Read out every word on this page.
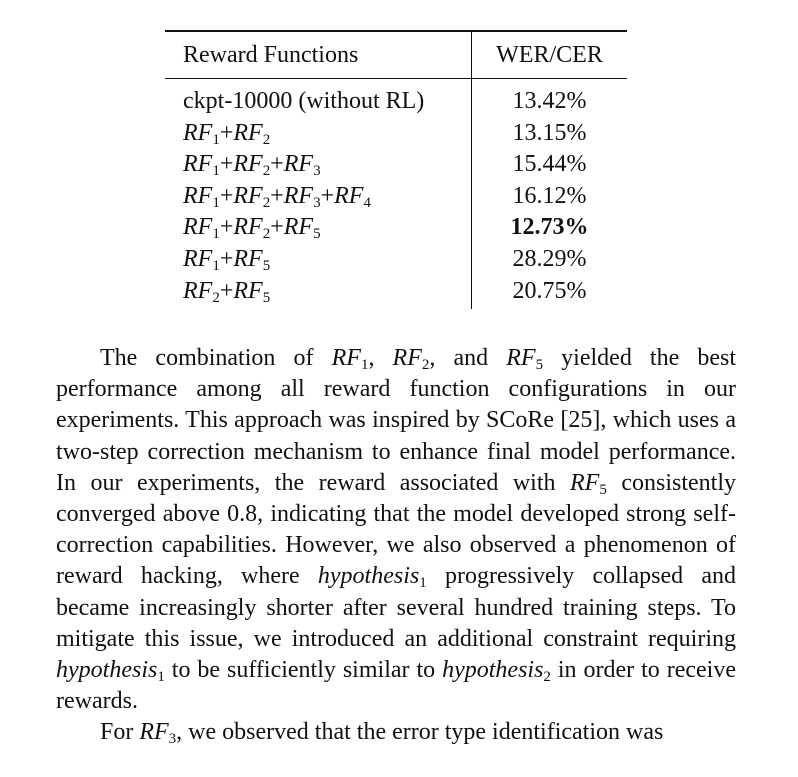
Reward Functions	WER/CER

ckpt-10000 (without RL)	13.42%
$RF_1+RF_2$	13.15%
$RF_1+RF_2+RF_3$	15.44%
$RF_1+RF_2+RF_3+RF_4$	16.12%
$RF_1+RF_2+RF_5$	12.73%
$RF_1+RF_5$	28.29%
$RF_2+RF_5$	20.75%

The combination of $RF_1$, $RF_2$, and $RF_5$ yielded the best performance among all reward function configurations in our experiments. This approach was inspired by SCoRe [25], which uses a two-step correction mechanism to enhance final model performance. In our experiments, the reward associated with $RF_5$ consistently converged above 0.8, indicating that the model developed strong self-correction capabilities. However, we also observed a phenomenon of reward hacking, where hypothesis$_1$ progressively collapsed and became increasingly shorter after several hundred training steps. To mitigate this issue, we introduced an additional constraint requiring hypothesis$_1$ to be sufficiently similar to hypothesis$_2$ in order to receive rewards.

For $RF_3$, we observed that the error type identification was
